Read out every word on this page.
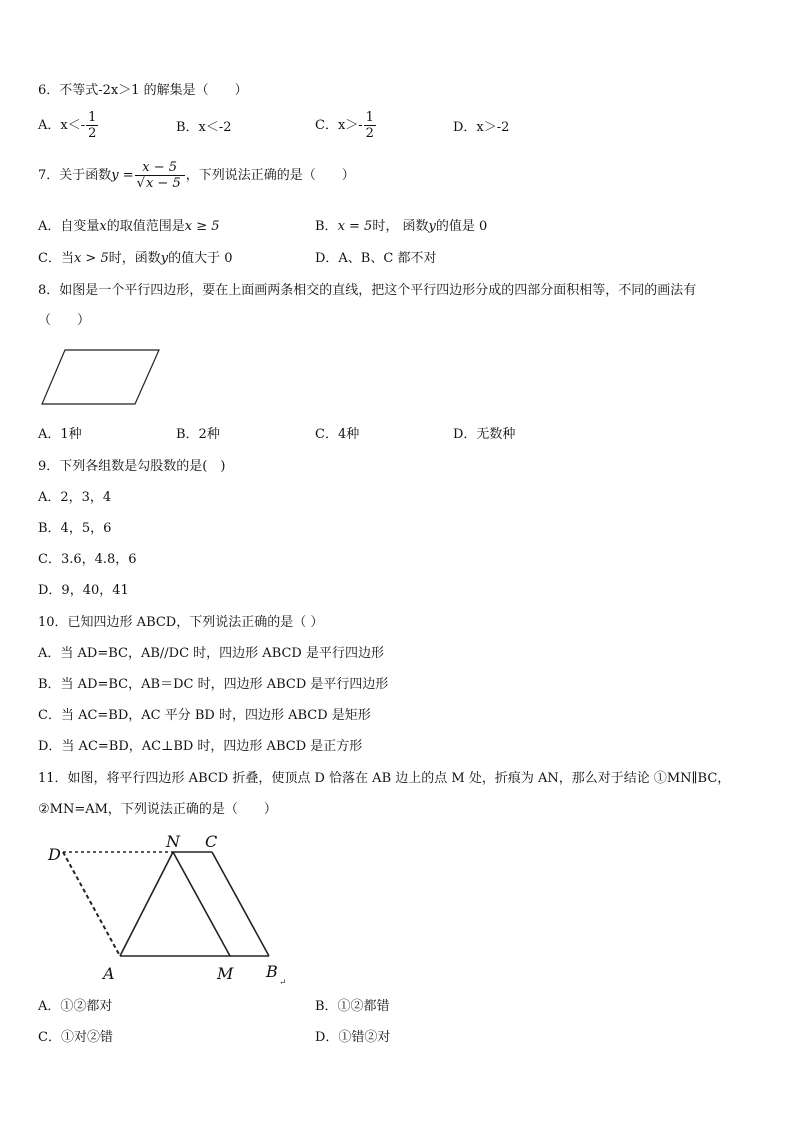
6．不等式-2x＞1 的解集是（　　）
A．$x<- \frac{1}{2}$	B．x＜-2	C．$x>- \frac{1}{2}$	D．x＞-2
7．关于函数$y = \frac{x - 5}{√x - 5}$ ，下列说法正确的是（　　）
A．自变量x的取值范围是x ≥ 5	B．x = 5时， 函数y的值是 0
C．当x > 5时，函数y的值大于 0	D．A、B、C 都不对
8．如图是一个平行四边形，要在上面画两条相交的直线，把这个平行四边形分成的四部分面积相等，不同的画法有
（　　）
A．1种	B．2种	C．4种	D．无数种
9．下列各组数是勾股数的是(　)
A．2，3，4
B．4，5，6
C．3.6，4.8，6
D．9，40，41
10．已知四边形 ABCD，下列说法正确的是（ ）
A．当 AD=BC，AB//DC 时，四边形 ABCD 是平行四边形
B．当 AD=BC，AB＝DC 时，四边形 ABCD 是平行四边形
C．当 AC=BD，AC 平分 BD 时，四边形 ABCD 是矩形
D．当 AC=BD，AC⊥BD 时，四边形 ABCD 是正方形
11．如图，将平行四边形 ABCD 折叠，使顶点 D 恰落在 AB 边上的点 M 处，折痕为 AN，那么对于结论 ①MN∥BC，
②MN=AM，下列说法正确的是（　　）
D
N C
A	M B
↵
A．①②都对	B．①②都错
C．①对②错	D．①错②对
